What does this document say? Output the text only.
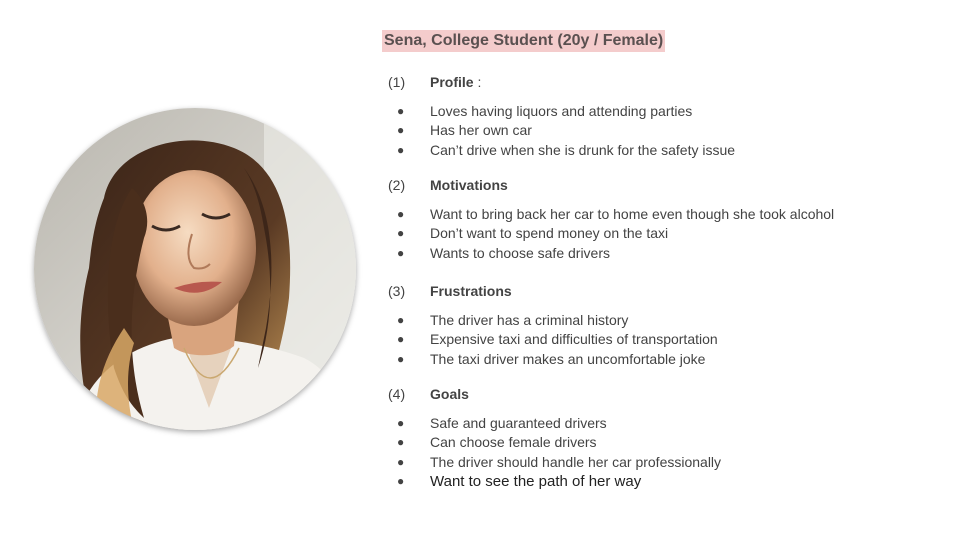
Sena, College Student (20y / Female)
(1)	Profile :
● Loves having liquors and attending parties
● Has her own car
● Can’t drive when she is drunk for the safety issue
(2)	Motivations
● Want to bring back her car to home even though she took alcohol
● Don’t want to spend money on the taxi
● Wants to choose safe drivers
(3)	Frustrations
● The driver has a criminal history
● Expensive taxi and difficulties of transportation
● The taxi driver makes an uncomfortable joke
(4)	Goals
● Safe and guaranteed drivers
● Can choose female drivers
● The driver should handle her car professionally
● Want to see the path of her way
